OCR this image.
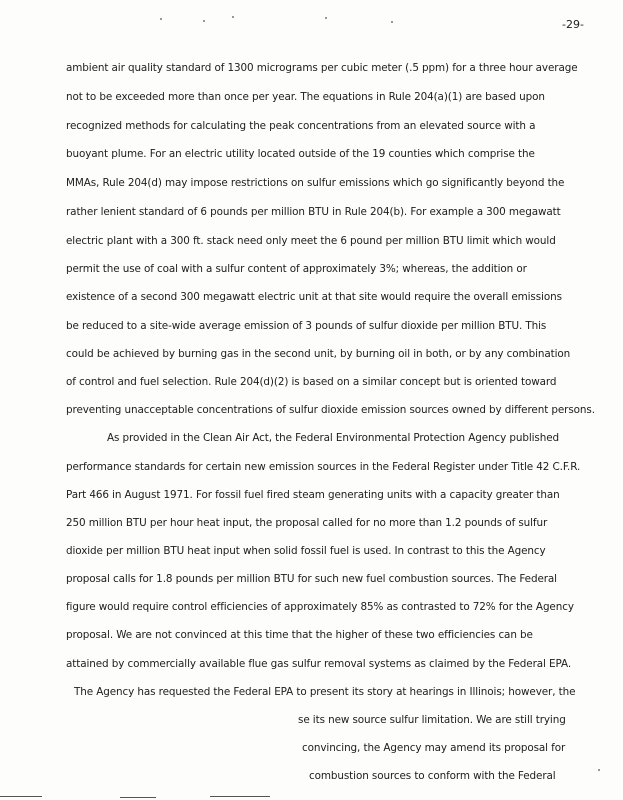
-29-
ambient air quality standard of 1300 micrograms per cubic meter (.5 ppm) for a three hour average
not to be exceeded more than once per year. The equations in Rule 204(a)(1) are based upon
recognized methods for calculating the peak concentrations from an elevated source with a
buoyant plume. For an electric utility located outside of the 19 counties which comprise the
MMAs, Rule 204(d) may impose restrictions on sulfur emissions which go significantly beyond the
rather lenient standard of 6 pounds per million BTU in Rule 204(b). For example a 300 megawatt
electric plant with a 300 ft. stack need only meet the 6 pound per million BTU limit which would
permit the use of coal with a sulfur content of approximately 3%; whereas, the addition or
existence of a second 300 megawatt electric unit at that site would require the overall emissions
be reduced to a site-wide average emission of 3 pounds of sulfur dioxide per million BTU. This
could be achieved by burning gas in the second unit, by burning oil in both, or by any combination
of control and fuel selection. Rule 204(d)(2) is based on a similar concept but is oriented toward
preventing unacceptable concentrations of sulfur dioxide emission sources owned by different persons.
As provided in the Clean Air Act, the Federal Environmental Protection Agency published
performance standards for certain new emission sources in the Federal Register under Title 42 C.F.R.
Part 466 in August 1971. For fossil fuel fired steam generating units with a capacity greater than
250 million BTU per hour heat input, the proposal called for no more than 1.2 pounds of sulfur
dioxide per million BTU heat input when solid fossil fuel is used. In contrast to this the Agency
proposal calls for 1.8 pounds per million BTU for such new fuel combustion sources. The Federal
figure would require control efficiencies of approximately 85% as contrasted to 72% for the Agency
proposal. We are not convinced at this time that the higher of these two efficiencies can be
attained by commercially available flue gas sulfur removal systems as claimed by the Federal EPA.
The Agency has requested the Federal EPA to present its story at hearings in Illinois; however, the
se its new source sulfur limitation. We are still trying
convincing, the Agency may amend its proposal for
combustion sources to conform with the Federal
